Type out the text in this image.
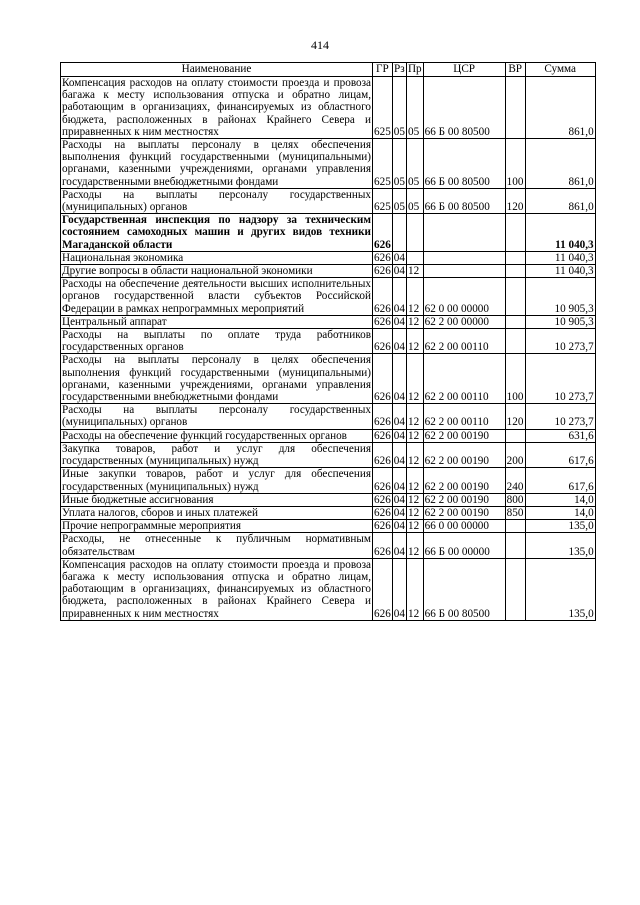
414
Наименование	ГР	Рз	Пр	ЦСР	ВР	Сумма
Компенсация расходов на оплату стоимости проезда и провоза багажа к месту использования отпуска и обратно лицам, работающим в организациях, финансируемых из областного бюджета, расположенных в районах Крайнего Севера и приравненных к ним местностях	625	05	05	66 Б 00 80500		861,0
Расходы на выплаты персоналу в целях обеспечения выполнения функций государственными (муниципальными) органами, казенными учреждениями, органами управления государственными внебюджетными фондами	625	05	05	66 Б 00 80500	100	861,0
Расходы на выплаты персоналу государственных (муниципальных) органов	625	05	05	66 Б 00 80500	120	861,0
Государственная инспекция по надзору за техническим состоянием самоходных машин и других видов техники Магаданской области	626					11 040,3
Национальная экономика	626	04				11 040,3
Другие вопросы в области национальной экономики	626	04	12			11 040,3
Расходы на обеспечение деятельности высших исполнительных органов государственной власти субъектов Российской Федерации в рамках непрограммных мероприятий	626	04	12	62 0 00 00000		10 905,3
Центральный аппарат	626	04	12	62 2 00 00000		10 905,3
Расходы на выплаты по оплате труда работников государственных органов	626	04	12	62 2 00 00110		10 273,7
Расходы на выплаты персоналу в целях обеспечения выполнения функций государственными (муниципальными) органами, казенными учреждениями, органами управления государственными внебюджетными фондами	626	04	12	62 2 00 00110	100	10 273,7
Расходы на выплаты персоналу государственных (муниципальных) органов	626	04	12	62 2 00 00110	120	10 273,7
Расходы на обеспечение функций государственных органов	626	04	12	62 2 00 00190		631,6
Закупка товаров, работ и услуг для обеспечения государственных (муниципальных) нужд	626	04	12	62 2 00 00190	200	617,6
Иные закупки товаров, работ и услуг для обеспечения государственных (муниципальных) нужд	626	04	12	62 2 00 00190	240	617,6
Иные бюджетные ассигнования	626	04	12	62 2 00 00190	800	14,0
Уплата налогов, сборов и иных платежей	626	04	12	62 2 00 00190	850	14,0
Прочие непрограммные мероприятия	626	04	12	66 0 00 00000		135,0
Расходы, не отнесенные к публичным нормативным обязательствам	626	04	12	66 Б 00 00000		135,0
Компенсация расходов на оплату стоимости проезда и провоза багажа к месту использования отпуска и обратно лицам, работающим в организациях, финансируемых из областного бюджета, расположенных в районах Крайнего Севера и приравненных к ним местностях	626	04	12	66 Б 00 80500		135,0
